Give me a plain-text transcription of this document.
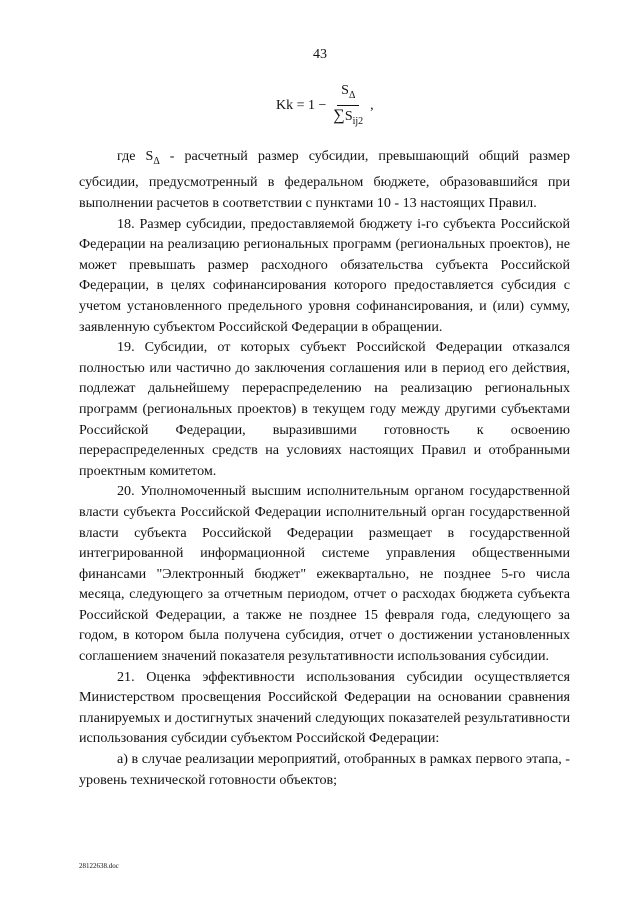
43
$Kk = 1 - \frac{S_\Delta}{\sum S_{ij2}}$ ,

где $S_\Delta$ - расчетный размер субсидии, превышающий общий размер субсидии, предусмотренный в федеральном бюджете, образовавшийся при выполнении расчетов в соответствии с пунктами 10 - 13 настоящих Правил.

18. Размер субсидии, предоставляемой бюджету i-го субъекта Российской Федерации на реализацию региональных программ (региональных проектов), не может превышать размер расходного обязательства субъекта Российской Федерации, в целях софинансирования которого предоставляется субсидия с учетом установленного предельного уровня софинансирования, и (или) сумму, заявленную субъектом Российской Федерации в обращении.

19. Субсидии, от которых субъект Российской Федерации отказался полностью или частично до заключения соглашения или в период его действия, подлежат дальнейшему перераспределению на реализацию региональных программ (региональных проектов) в текущем году между другими субъектами Российской Федерации, выразившими готовность к освоению перераспределенных средств на условиях настоящих Правил и отобранными проектным комитетом.

20. Уполномоченный высшим исполнительным органом государственной власти субъекта Российской Федерации исполнительный орган государственной власти субъекта Российской Федерации размещает в государственной интегрированной информационной системе управления общественными финансами "Электронный бюджет" ежеквартально, не позднее 5-го числа месяца, следующего за отчетным периодом, отчет о расходах бюджета субъекта Российской Федерации, а также не позднее 15 февраля года, следующего за годом, в котором была получена субсидия, отчет о достижении установленных соглашением значений показателя результативности использования субсидии.

21. Оценка эффективности использования субсидии осуществляется Министерством просвещения Российской Федерации на основании сравнения планируемых и достигнутых значений следующих показателей результативности использования субсидии субъектом Российской Федерации:

а) в случае реализации мероприятий, отобранных в рамках первого этапа, - уровень технической готовности объектов;

28122638.doc
